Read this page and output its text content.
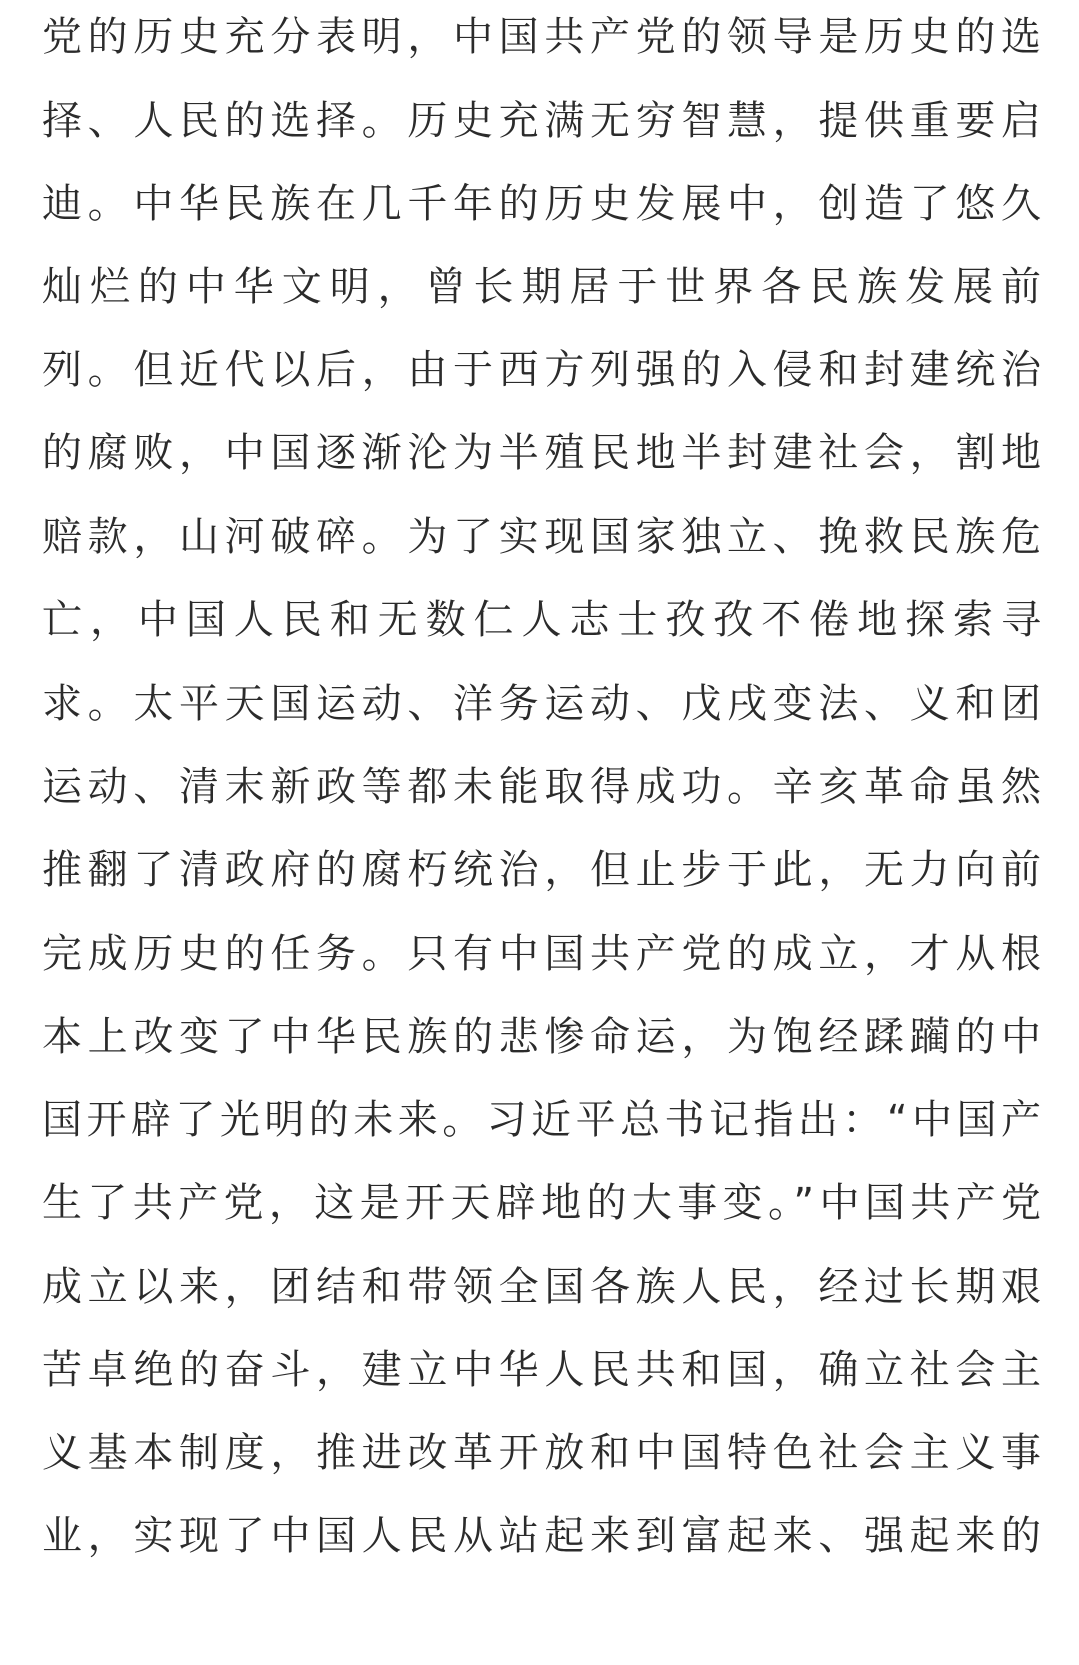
党的历史充分表明，中国共产党的领导是历史的选
择、人民的选择。历史充满无穷智慧，提供重要启
迪。中华民族在几千年的历史发展中，创造了悠久
灿烂的中华文明，曾长期居于世界各民族发展前
列。但近代以后，由于西方列强的入侵和封建统治
的腐败，中国逐渐沦为半殖民地半封建社会，割地
赔款，山河破碎。为了实现国家独立、挽救民族危
亡，中国人民和无数仁人志士孜孜不倦地探索寻
求。太平天国运动、洋务运动、戊戌变法、义和团
运动、清末新政等都未能取得成功。辛亥革命虽然
推翻了清政府的腐朽统治，但止步于此，无力向前
完成历史的任务。只有中国共产党的成立，才从根
本上改变了中华民族的悲惨命运，为饱经蹂躏的中
国开辟了光明的未来。习近平总书记指出：“中国产
生了共产党，这是开天辟地的大事变。”中国共产党
成立以来，团结和带领全国各族人民，经过长期艰
苦卓绝的奋斗，建立中华人民共和国，确立社会主
义基本制度，推进改革开放和中国特色社会主义事
业，实现了中国人民从站起来到富起来、强起来的
